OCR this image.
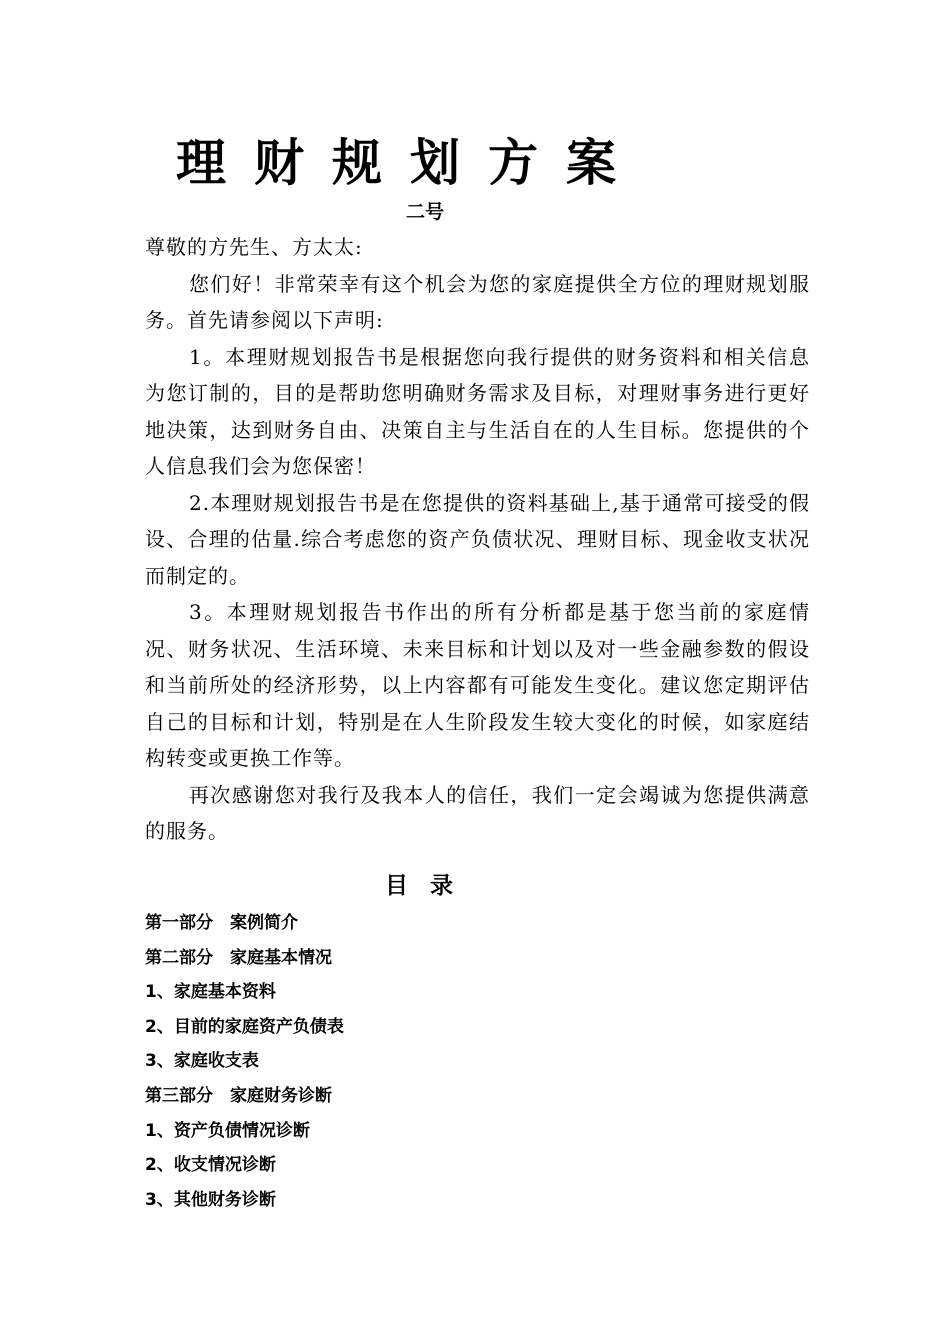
理财规划方案
二号

尊敬的方先生、方太太:

您们好！非常荣幸有这个机会为您的家庭提供全方位的理财规划服务。首先请参阅以下声明:

1。本理财规划报告书是根据您向我行提供的财务资料和相关信息为您订制的，目的是帮助您明确财务需求及目标，对理财事务进行更好地决策，达到财务自由、决策自主与生活自在的人生目标。您提供的个人信息我们会为您保密！

2.本理财规划报告书是在您提供的资料基础上,基于通常可接受的假设、合理的估量.综合考虑您的资产负债状况、理财目标、现金收支状况而制定的。

3。本理财规划报告书作出的所有分析都是基于您当前的家庭情况、财务状况、生活环境、未来目标和计划以及对一些金融参数的假设和当前所处的经济形势，以上内容都有可能发生变化。建议您定期评估自己的目标和计划，特别是在人生阶段发生较大变化的时候，如家庭结构转变或更换工作等。

再次感谢您对我行及我本人的信任，我们一定会竭诚为您提供满意的服务。

目录
第一部分　案例简介
第二部分　家庭基本情况
1、家庭基本资料
2、目前的家庭资产负债表
3、家庭收支表
第三部分　家庭财务诊断
1、资产负债情况诊断
2、收支情况诊断
3、其他财务诊断
